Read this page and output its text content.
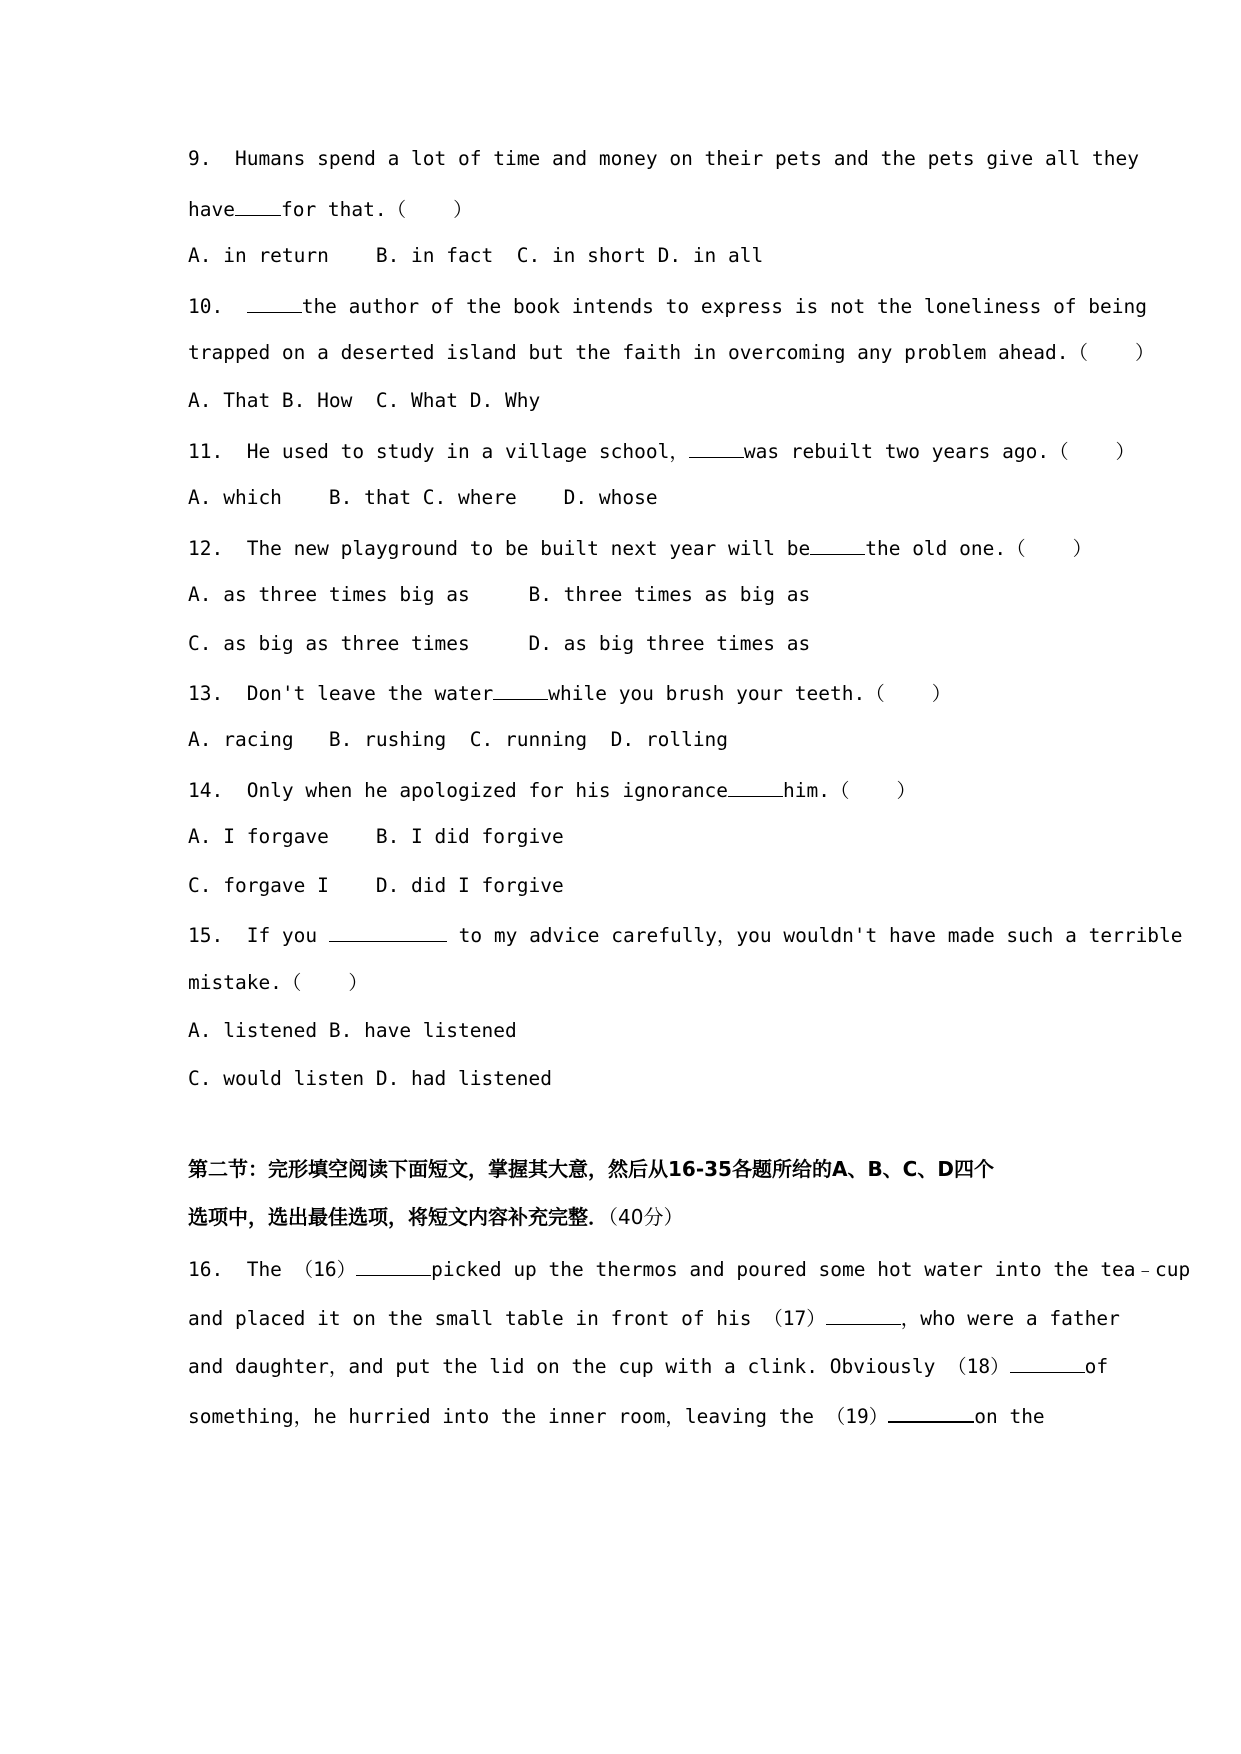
9.  Humans spend a lot of time and money on their pets and the pets give all they
have for that.（    ）
A. in return    B. in fact  C. in short D. in all
10.	the author of the book intends to express is not the loneliness of being
trapped on a deserted island but the faith in overcoming any problem ahead.（    ）
A. That B. How  C. What D. Why
11.  He used to study in a village school，	was rebuilt two years ago.（    ）
A. which    B. that C. where    D. whose
12.  The new playground to be built next year will be	the old one.（    ）
A. as three times big as     B. three times as big as
C. as big as three times     D. as big three times as
13.  Don't leave the water	while you brush your teeth.（    ）
A. racing   B. rushing  C. running  D. rolling
14.  Only when he apologized for his ignorance	him.（    ）
A. I forgave    B. I did forgive
C. forgave I    D. did I forgive
15.  If you	to my advice carefully，you wouldn't have made such a terrible
mistake.（    ）
A. listened B. have listened
C. would listen D. had listened
第二节：完形填空阅读下面短文，掌握其大意，然后从16-35各题所给的A、B、C、D四个
选项中，选出最佳选项，将短文内容补充完整．（40分）
16.  The （16）	picked up the thermos and poured some hot water into the tea﹣cup
and placed it on the small table in front of his （17）	，who were a father
and daughter，and put the lid on the cup with a clink. Obviously （18）	of
something，he hurried into the inner room，leaving the （19）	on the
